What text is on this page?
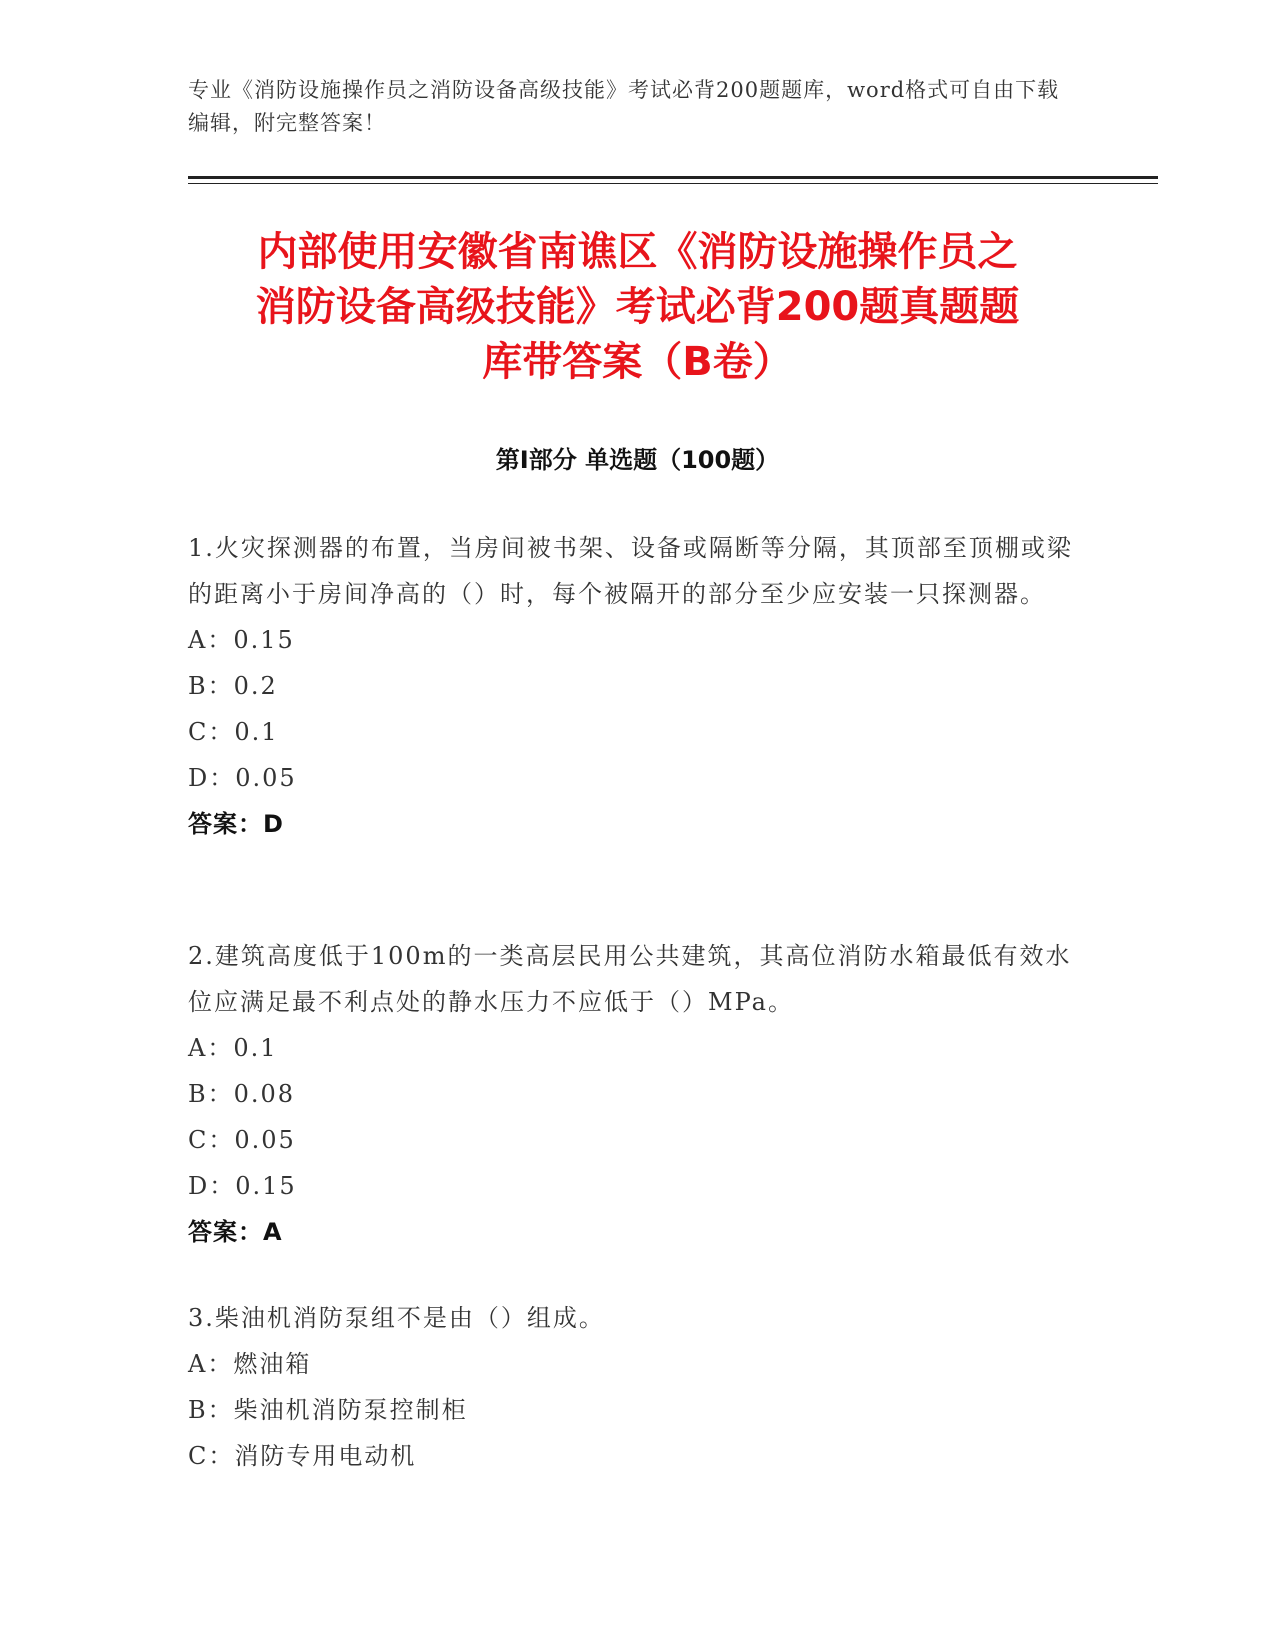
专业《消防设施操作员之消防设备高级技能》考试必背200题题库，word格式可自由下载编辑，附完整答案！
内部使用安徽省南谯区《消防设施操作员之
消防设备高级技能》考试必背200题真题题
库带答案（B卷）
第Ⅰ部分 单选题（100题）

1.火灾探测器的布置，当房间被书架、设备或隔断等分隔，其顶部至顶棚或梁的距离小于房间净高的（）时，每个被隔开的部分至少应安装一只探测器。

A：0.15

B：0.2

C：0.1

D：0.05

答案：D

2.建筑高度低于100m的一类高层民用公共建筑，其高位消防水箱最低有效水位应满足最不利点处的静水压力不应低于（）MPa。

A：0.1

B：0.08

C：0.05

D：0.15

答案：A

3.柴油机消防泵组不是由（）组成。

A：燃油箱

B：柴油机消防泵控制柜

C：消防专用电动机
